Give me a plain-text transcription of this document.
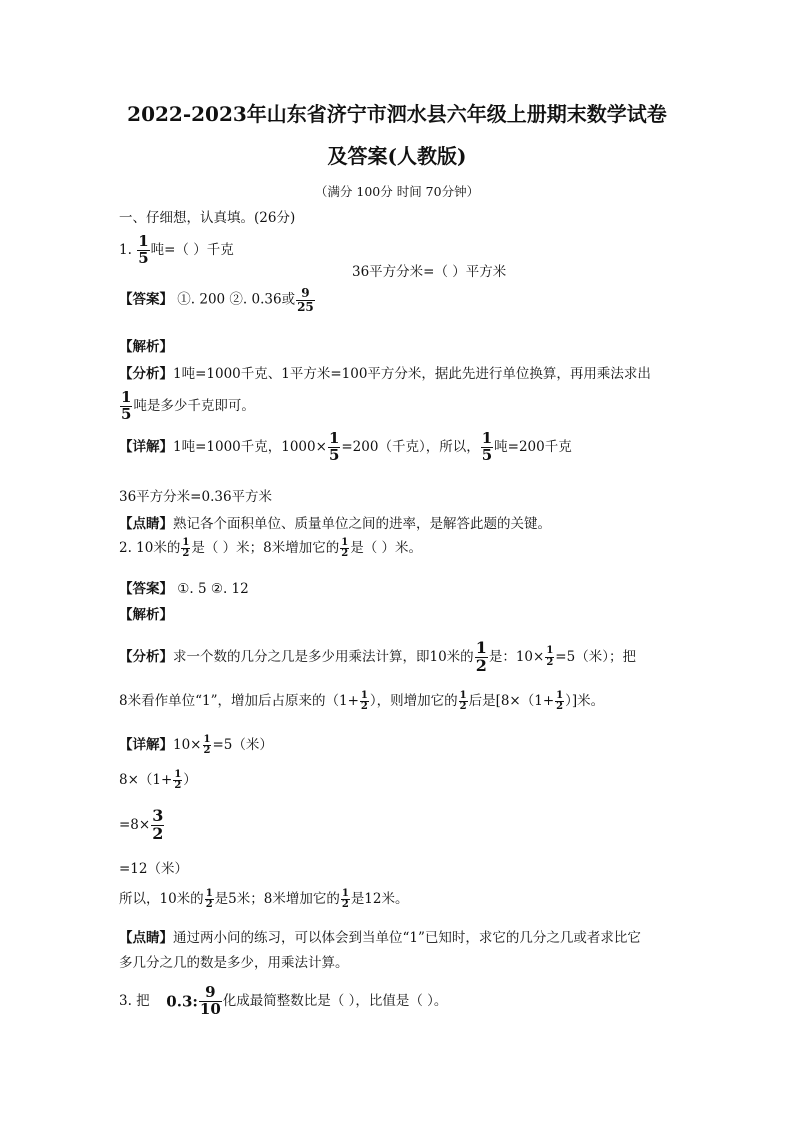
2022-2023年山东省济宁市泗水县六年级上册期末数学试卷
及答案(人教版)
（满分 100分 时间 70分钟）
一、仔细想，认真填。(26分)
1. $\frac{1}{5}$ 吨=（ ）千克
36平方分米=（ ）平方米
【答案】 ①. 200 ②. 0.36或 $\frac{9}{25}$
【解析】
【分析】1吨=1000千克、1平方米=100平方分米，据此先进行单位换算，再用乘法求出
$\frac{1}{5}$ 吨是多少千克即可。
【详解】1吨=1000千克，$1000\times \frac{1}{5} =200$（千克），所以， $\frac{1}{5}$ 吨=200千克
36平方分米=0.36平方米
【点睛】熟记各个面积单位、质量单位之间的进率，是解答此题的关键。
2. 10米的 $\frac{1}{2}$ 是（ ）米；8米增加它的 $\frac{1}{2}$ 是（ ）米。
【答案】 ①. 5 ②. 12
【解析】
【分析】求一个数的几分之几是多少用乘法计算，即10米的 $\frac{1}{2}$ 是：$10\times \frac{1}{2} =5$（米）；把
8米看作单位“1”，增加后占原来的（$1+ \frac{1}{2}$ ），则增加它的 $\frac{1}{2}$ 后是[$8\times(1+ \frac{1}{2}$ ）]米。
【详解】$10\times \frac{1}{2} =5$（米）
$8\times(1+ \frac{1}{2}$ ）
$=8\times \frac{3}{2}$
=12（米）
所以，10米的 $\frac{1}{2}$ 是5米；8米增加它的 $\frac{1}{2}$ 是12米。
【点睛】通过两小问的练习，可以体会到当单位“1”已知时，求它的几分之几或者求比它
多几分之几的数是多少，用乘法计算。
3. 把 0.3: $\frac{9}{10}$ 化成最简整数比是（ ），比值是（ ）。
